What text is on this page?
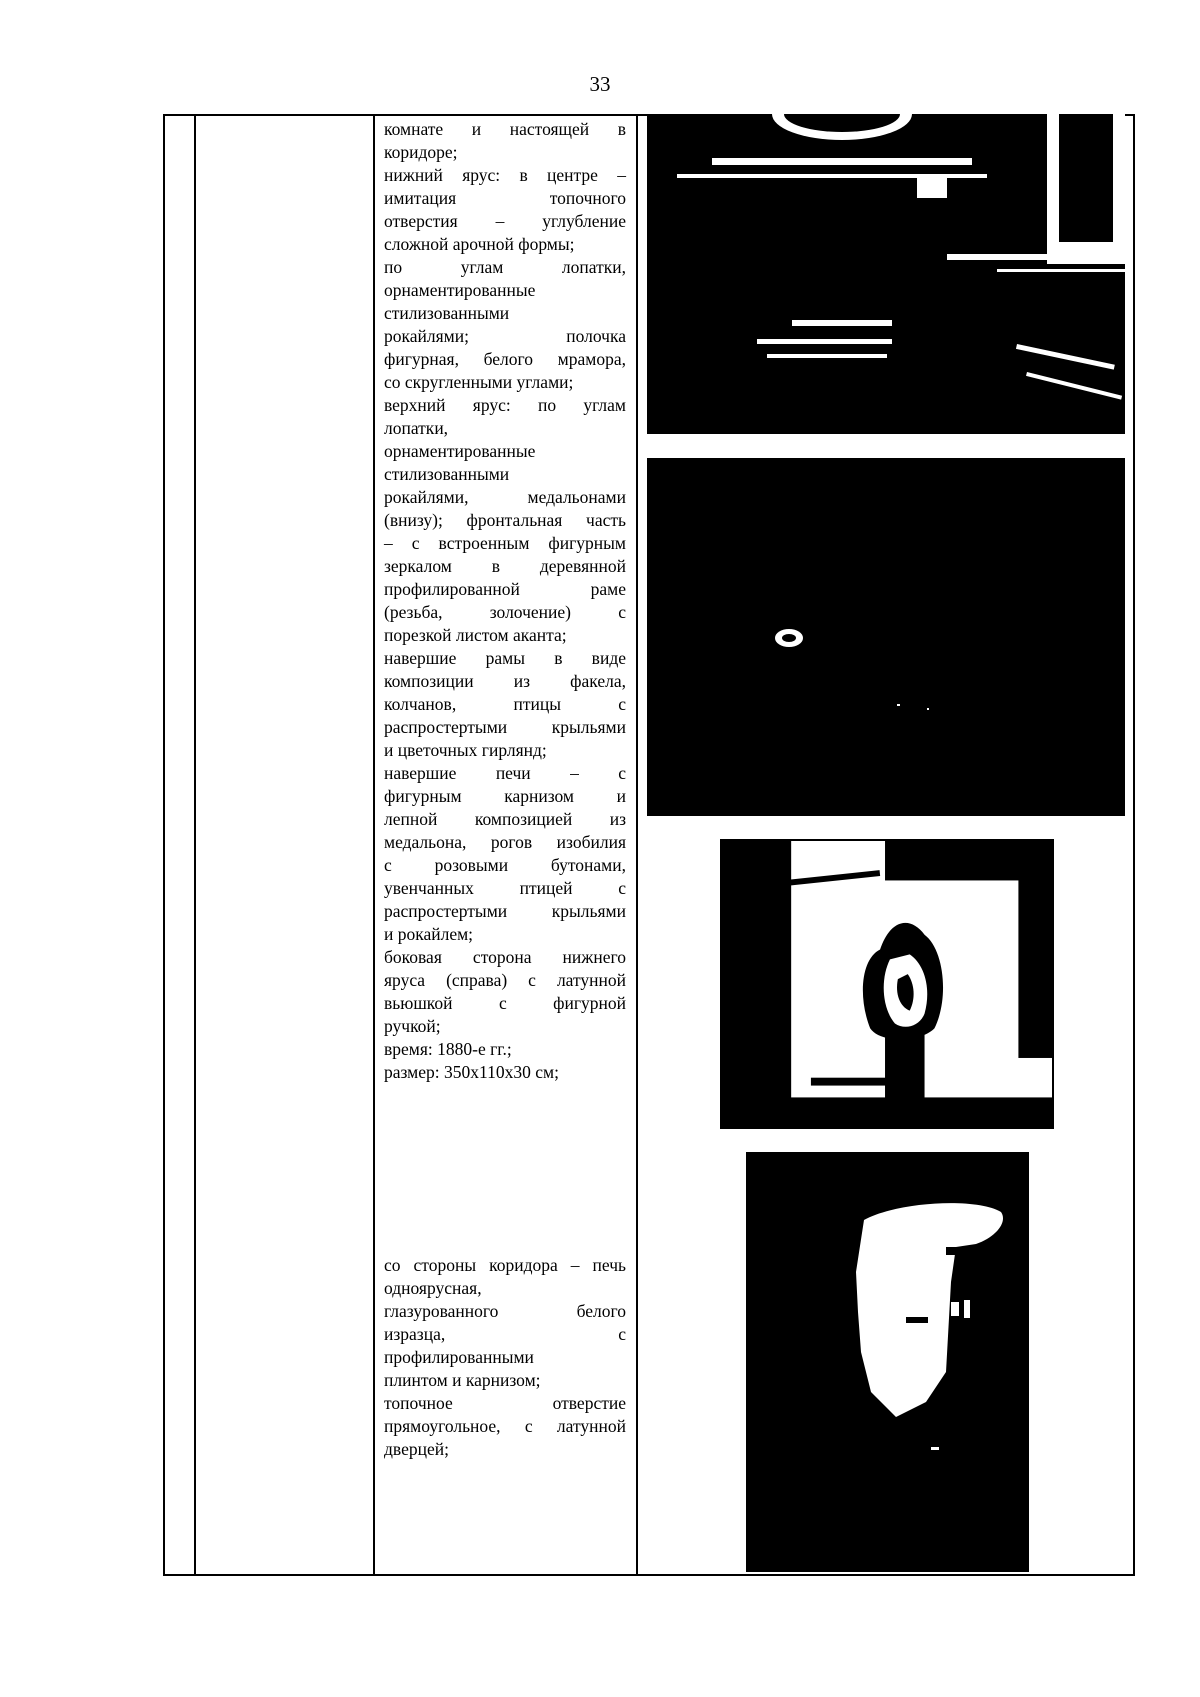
33

комнате и настоящей в

коридоре;

нижний ярус: в центре –

имитация топочного

отверстия – углубление

сложной арочной формы;

по углам лопатки,

орнаментированные

стилизованными

рокайлями; полочка

фигурная, белого мрамора,

со скругленными углами;

верхний ярус: по углам

лопатки,

орнаментированные

стилизованными

рокайлями, медальонами

(внизу); фронтальная часть

– с встроенным фигурным

зеркалом в деревянной

профилированной раме

(резьба, золочение) с

порезкой листом аканта;

навершие рамы в виде

композиции из факела,

колчанов, птицы с

распростертыми крыльями

и цветочных гирлянд;

навершие печи – с

фигурным карнизом и

лепной композицией из

медальона, рогов изобилия

с розовыми бутонами,

увенчанных птицей с

распростертыми крыльями

и рокайлем;

боковая сторона нижнего

яруса (справа) с латунной

вьюшкой с фигурной

ручкой;

время: 1880-е гг.;

размер: 350х110х30 см;

со стороны коридора – печь

одноярусная,

глазурованного белого

изразца, с

профилированными

плинтом и карнизом;

топочное отверстие

прямоугольное, с латунной

дверцей;
